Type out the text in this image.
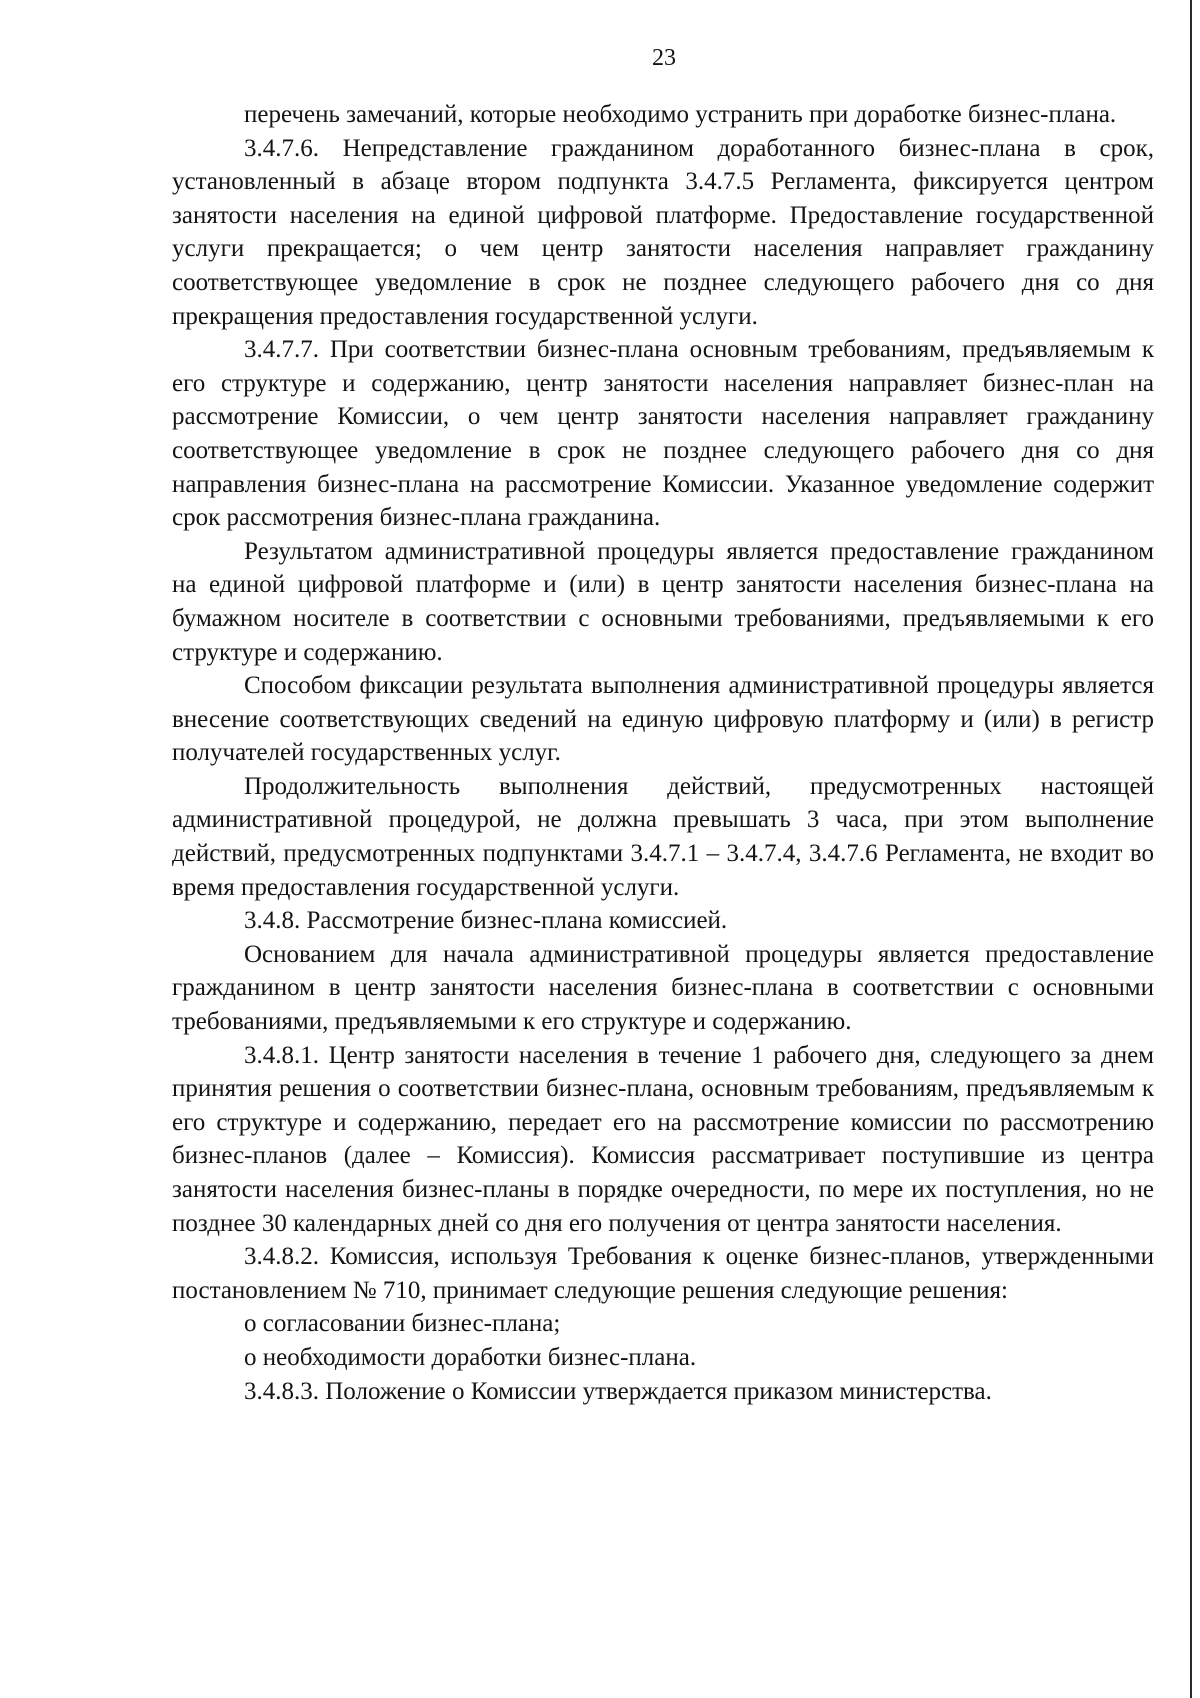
23

перечень замечаний, которые необходимо устранить при доработке бизнес-плана.

3.4.7.6. Непредставление гражданином доработанного бизнес-плана в срок, установленный в абзаце втором подпункта 3.4.7.5 Регламента, фиксируется центром занятости населения на единой цифровой платформе. Предоставление государственной услуги прекращается; о чем центр занятости населения направляет гражданину соответствующее уведомление в срок не позднее следующего рабочего дня со дня прекращения предоставления государственной услуги.

3.4.7.7. При соответствии бизнес-плана основным требованиям, предъявляемым к его структуре и содержанию, центр занятости населения направляет бизнес-план на рассмотрение Комиссии, о чем центр занятости населения направляет гражданину соответствующее уведомление в срок не позднее следующего рабочего дня со дня направления бизнес-плана на рассмотрение Комиссии. Указанное уведомление содержит срок рассмотрения бизнес-плана гражданина.

Результатом административной процедуры является предоставление гражданином на единой цифровой платформе и (или) в центр занятости населения бизнес-плана на бумажном носителе в соответствии с основными требованиями, предъявляемыми к его структуре и содержанию.

Способом фиксации результата выполнения административной процедуры является внесение соответствующих сведений на единую цифровую платформу и (или) в регистр получателей государственных услуг.

Продолжительность выполнения действий, предусмотренных настоящей административной процедурой, не должна превышать 3 часа, при этом выполнение действий, предусмотренных подпунктами 3.4.7.1 – 3.4.7.4, 3.4.7.6 Регламента, не входит во время предоставления государственной услуги.

3.4.8. Рассмотрение бизнес-плана комиссией.

Основанием для начала административной процедуры является предоставление гражданином в центр занятости населения бизнес-плана в соответствии с основными требованиями, предъявляемыми к его структуре и содержанию.

3.4.8.1. Центр занятости населения в течение 1 рабочего дня, следующего за днем принятия решения о соответствии бизнес-плана, основным требованиям, предъявляемым к его структуре и содержанию, передает его на рассмотрение комиссии по рассмотрению бизнес-планов (далее – Комиссия). Комиссия рассматривает поступившие из центра занятости населения бизнес-планы в порядке очередности, по мере их поступления, но не позднее 30 календарных дней со дня его получения от центра занятости населения.

3.4.8.2. Комиссия, используя Требования к оценке бизнес-планов, утвержденными постановлением № 710, принимает следующие решения следующие решения:

о согласовании бизнес-плана;

о необходимости доработки бизнес-плана.

3.4.8.3. Положение о Комиссии утверждается приказом министерства.
